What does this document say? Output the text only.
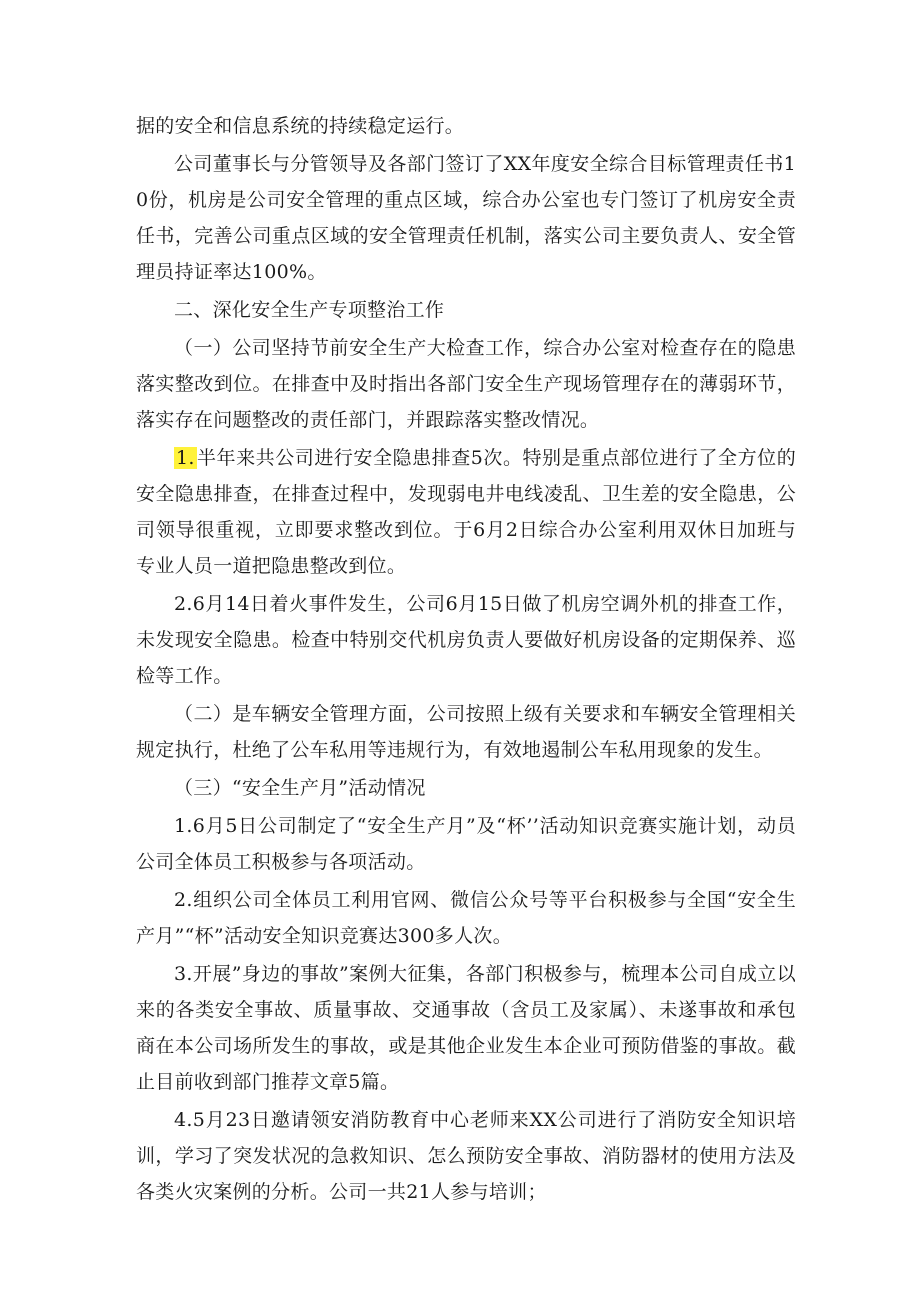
据的安全和信息系统的持续稳定运行。

公司董事长与分管领导及各部门签订了XX年度安全综合目标管理责任书10份，机房是公司安全管理的重点区域，综合办公室也专门签订了机房安全责任书，完善公司重点区域的安全管理责任机制，落实公司主要负责人、安全管理员持证率达100%。

二、深化安全生产专项整治工作

（一）公司坚持节前安全生产大检查工作，综合办公室对检查存在的隐患落实整改到位。在排查中及时指出各部门安全生产现场管理存在的薄弱环节，落实存在问题整改的责任部门，并跟踪落实整改情况。

1. 半年来共公司进行安全隐患排查5次。特别是重点部位进行了全方位的安全隐患排查，在排查过程中，发现弱电井电线凌乱、卫生差的安全隐患，公司领导很重视，立即要求整改到位。于6月2日综合办公室利用双休日加班与专业人员一道把隐患整改到位。

2.6月14日着火事件发生，公司6月15日做了机房空调外机的排查工作，未发现安全隐患。检查中特别交代机房负责人要做好机房设备的定期保养、巡检等工作。

（二）是车辆安全管理方面，公司按照上级有关要求和车辆安全管理相关规定执行，杜绝了公车私用等违规行为，有效地遏制公车私用现象的发生。

（三）“安全生产月”活动情况

1.6月5日公司制定了“安全生产月”及“杯’’活动知识竞赛实施计划，动员公司全体员工积极参与各项活动。

2.组织公司全体员工利用官网、微信公众号等平台积极参与全国“安全生产月”“杯”活动安全知识竞赛达300多人次。

3.开展”身边的事故”案例大征集，各部门积极参与，梳理本公司自成立以来的各类安全事故、质量事故、交通事故（含员工及家属）、未遂事故和承包商在本公司场所发生的事故，或是其他企业发生本企业可预防借鉴的事故。截止目前收到部门推荐文章5篇。

4.5月23日邀请领安消防教育中心老师来XX公司进行了消防安全知识培训，学习了突发状况的急救知识、怎么预防安全事故、消防器材的使用方法及各类火灾案例的分析。公司一共21人参与培训；
